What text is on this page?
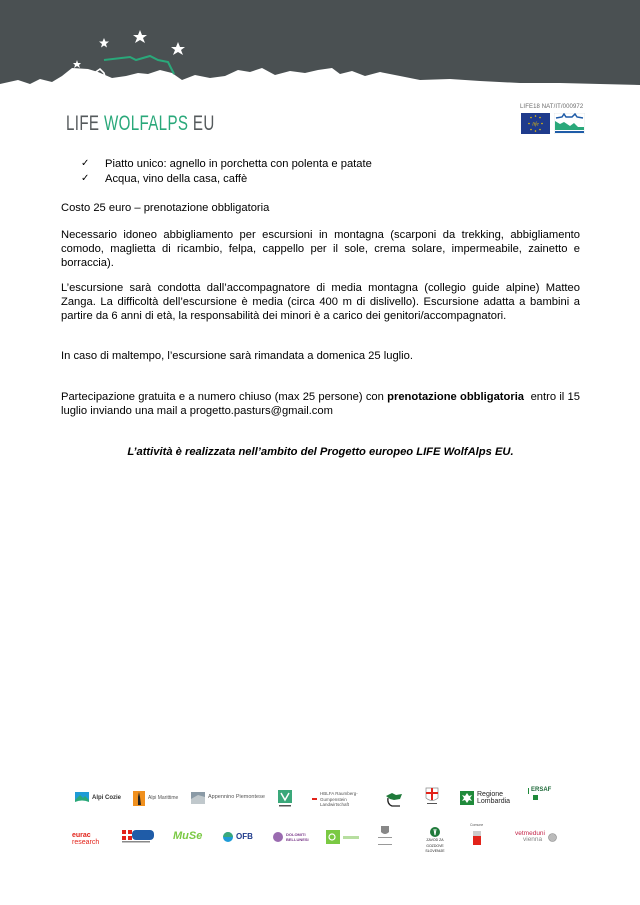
LIFE WOLFALPS EU
LIFE18 NAT/IT/000972
life
✓ Piatto unico: agnello in porchetta con polenta e patate
✓ Acqua, vino della casa, caffè

Costo 25 euro – prenotazione obbligatoria

Necessario idoneo abbigliamento per escursioni in montagna (scarponi da trekking, abbigliamento comodo, maglietta di ricambio, felpa, cappello per il sole, crema solare, impermeabile, zainetto e borraccia).

L’escursione sarà condotta dall’accompagnatore di media montagna (collegio guide alpine) Matteo Zanga. La difficoltà dell’escursione è media (circa 400 m di dislivello). Escursione adatta a bambini a partire da 6 anni di età, la responsabilità dei minori è a carico dei genitori/accompagnatori.

In caso di maltempo, l’escursione sarà rimandata a domenica 25 luglio.

Partecipazione gratuita e a numero chiuso (max 25 persone) con prenotazione obbligatoria  entro il 15 luglio inviando una mail a progetto.pasturs@gmail.com

L’attività è realizzata nell’ambito del Progetto europeo LIFE WolfAlps EU.

Alpi Cozie	Alpi Marittime	Appennino Piemontese
HBLFA Raumberg-Gumpenstein Landwirtschaft
Regione Lombardia
ERSAF
eurac
research
MuSe	OFB	DOLOMITI BELLUNESI	ZAVOD ZA GOZDOVE SLOVENIJE
Comune
vetmeduni
vienna
